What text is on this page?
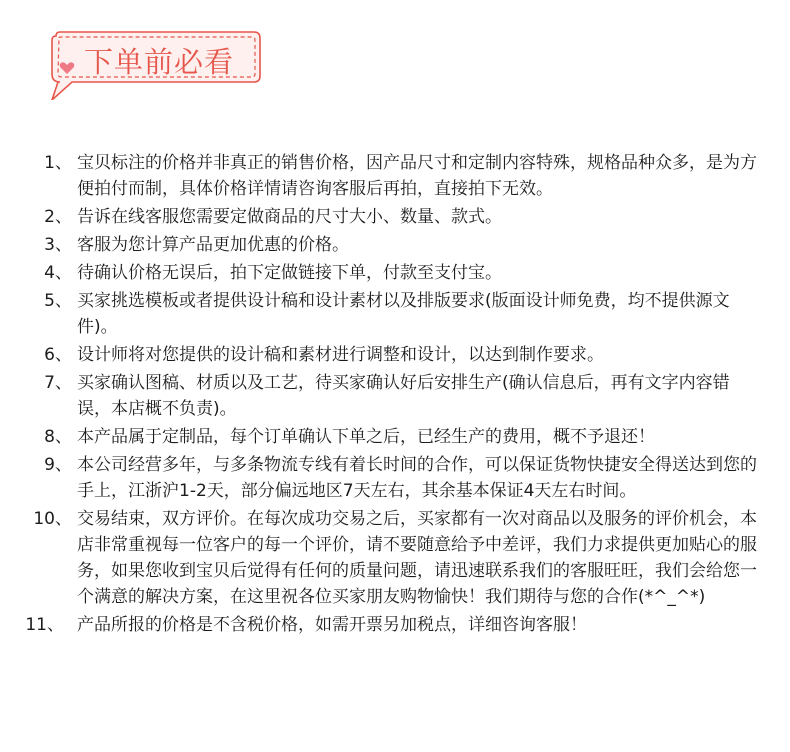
下单前必看
1、 宝贝标注的价格并非真正的销售价格，因产品尺寸和定制内容特殊，规格品种众多，是为方便拍付而制，具体价格详情请咨询客服后再拍，直接拍下无效。
2、 告诉在线客服您需要定做商品的尺寸大小、数量、款式。
3、 客服为您计算产品更加优惠的价格。
4、 待确认价格无误后，拍下定做链接下单，付款至支付宝。
5、 买家挑选模板或者提供设计稿和设计素材以及排版要求(版面设计师免费，均不提供源文件)。
6、 设计师将对您提供的设计稿和素材进行调整和设计，以达到制作要求。
7、 买家确认图稿、材质以及工艺，待买家确认好后安排生产(确认信息后，再有文字内容错误，本店概不负责)。
8、 本产品属于定制品，每个订单确认下单之后，已经生产的费用，概不予退还！
9、 本公司经营多年，与多条物流专线有着长时间的合作，可以保证货物快捷安全得送达到您的手上，江浙沪1-2天，部分偏远地区7天左右，其余基本保证4天左右时间。
10、 交易结束，双方评价。在每次成功交易之后，买家都有一次对商品以及服务的评价机会，本店非常重视每一位客户的每一个评价，请不要随意给予中差评，我们力求提供更加贴心的服务，如果您收到宝贝后觉得有任何的质量问题，请迅速联系我们的客服旺旺，我们会给您一个满意的解决方案，在这里祝各位买家朋友购物愉快！我们期待与您的合作(*^_^*)
11、 产品所报的价格是不含税价格，如需开票另加税点，详细咨询客服！
